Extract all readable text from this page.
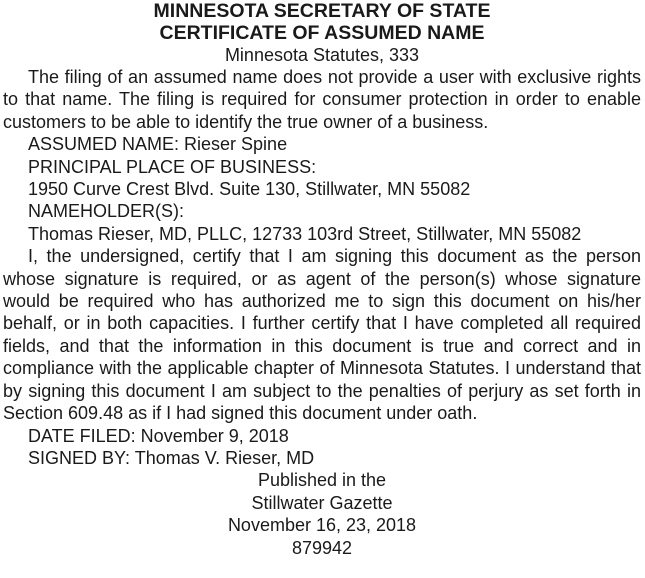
MINNESOTA SECRETARY OF STATE
CERTIFICATE OF ASSUMED NAME

Minnesota Statutes, 333

The filing of an assumed name does not provide a user with exclusive rights to that name. The filing is required for consumer protection in order to enable customers to be able to identify the true owner of a business.

ASSUMED NAME: Rieser Spine

PRINCIPAL PLACE OF BUSINESS:

1950 Curve Crest Blvd. Suite 130, Stillwater, MN 55082

NAMEHOLDER(S):

Thomas Rieser, MD, PLLC, 12733 103rd Street, Stillwater, MN 55082

I, the undersigned, certify that I am signing this document as the person whose signature is required, or as agent of the person(s) whose signature would be required who has authorized me to sign this document on his/​her behalf, or in both capacities. I further certify that I have completed all required fields, and that the information in this document is true and correct and in compliance with the applicable chapter of Minnesota Statutes. I understand that by signing this document I am subject to the penalties of perjury as set forth in Section 609.48 as if I had signed this document under oath.

DATE FILED: November 9, 2018

SIGNED BY: Thomas V. Rieser, MD

Published in the

Stillwater Gazette

November 16, 23, 2018

879942
